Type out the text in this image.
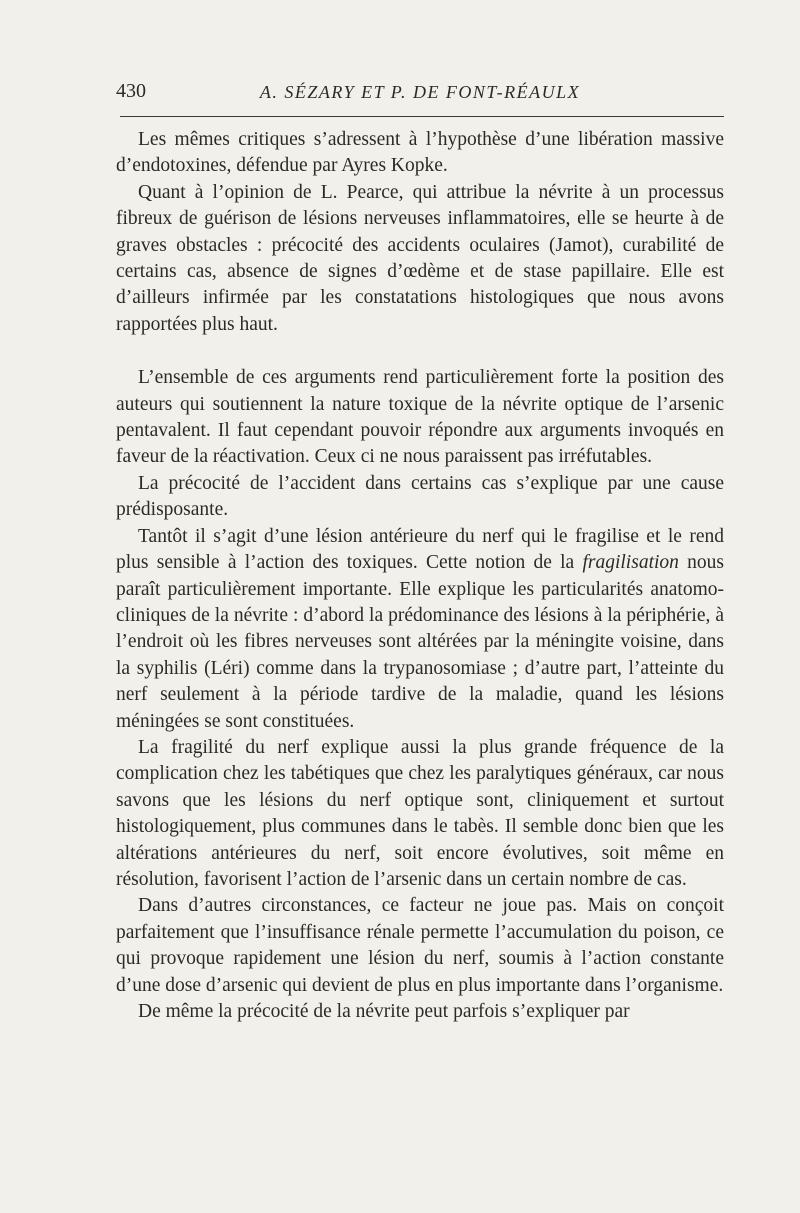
430	A. SÉZARY ET P. DE FONT-RÉAULX

Les mêmes critiques s’adressent à l’hypothèse d’une libération massive d’endotoxines, défendue par Ayres Kopke.

Quant à l’opinion de L. Pearce, qui attribue la névrite à un processus fibreux de guérison de lésions nerveuses inflammatoires, elle se heurte à de graves obstacles : précocité des accidents oculaires (Jamot), curabilité de certains cas, absence de signes d’œdème et de stase papillaire. Elle est d’ailleurs infirmée par les constatations histologiques que nous avons rapportées plus haut.

L’ensemble de ces arguments rend particulièrement forte la position des auteurs qui soutiennent la nature toxique de la névrite optique de l’arsenic pentavalent. Il faut cependant pouvoir répondre aux arguments invoqués en faveur de la réactivation. Ceux ci ne nous paraissent pas irréfutables.

La précocité de l’accident dans certains cas s’explique par une cause prédisposante.

Tantôt il s’agit d’une lésion antérieure du nerf qui le fragilise et le rend plus sensible à l’action des toxiques. Cette notion de la fragilisation nous paraît particulièrement importante. Elle explique les particularités anatomo-cliniques de la névrite : d’abord la prédominance des lésions à la périphérie, à l’endroit où les fibres nerveuses sont altérées par la méningite voisine, dans la syphilis (Léri) comme dans la trypanosomiase ; d’autre part, l’atteinte du nerf seulement à la période tardive de la maladie, quand les lésions méningées se sont constituées.

La fragilité du nerf explique aussi la plus grande fréquence de la complication chez les tabétiques que chez les paralytiques généraux, car nous savons que les lésions du nerf optique sont, cliniquement et surtout histologiquement, plus communes dans le tabès. Il semble donc bien que les altérations antérieures du nerf, soit encore évolutives, soit même en résolution, favorisent l’action de l’arsenic dans un certain nombre de cas.

Dans d’autres circonstances, ce facteur ne joue pas. Mais on conçoit parfaitement que l’insuffisance rénale permette l’accumulation du poison, ce qui provoque rapidement une lésion du nerf, soumis à l’action constante d’une dose d’arsenic qui devient de plus en plus importante dans l’organisme.

De même la précocité de la névrite peut parfois s’expliquer par
